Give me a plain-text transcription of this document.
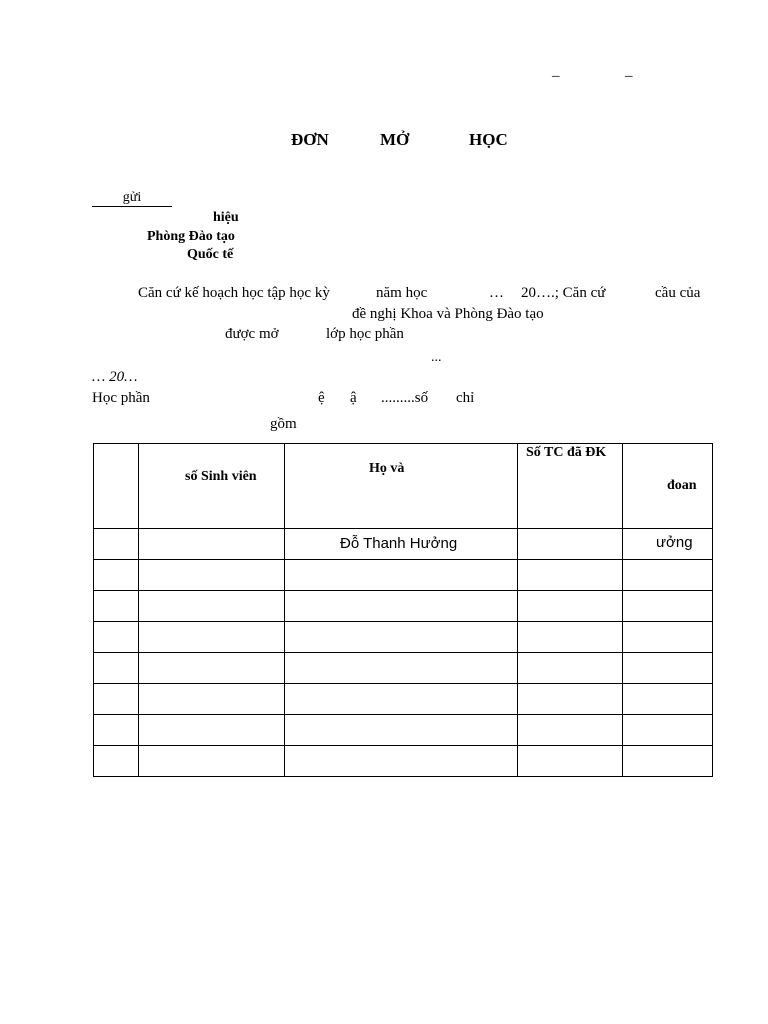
–	–
ĐƠN	MỞ	HỌC
gửi
hiệu
Phòng Đào tạo
Quốc tế
Căn cứ kế hoạch học tập học kỳ	năm học	… 20….; Căn cứ	cầu của
đề nghị Khoa và Phòng Đào tạo
được mở	lớp học phần
...
… 20…
Học phần	ệ ậ .........số chỉ
gồm

	số Sinh viên	Họ và	Số TC đã ĐK	đoan

		Đỗ Thanh Hưởng		ưởng
